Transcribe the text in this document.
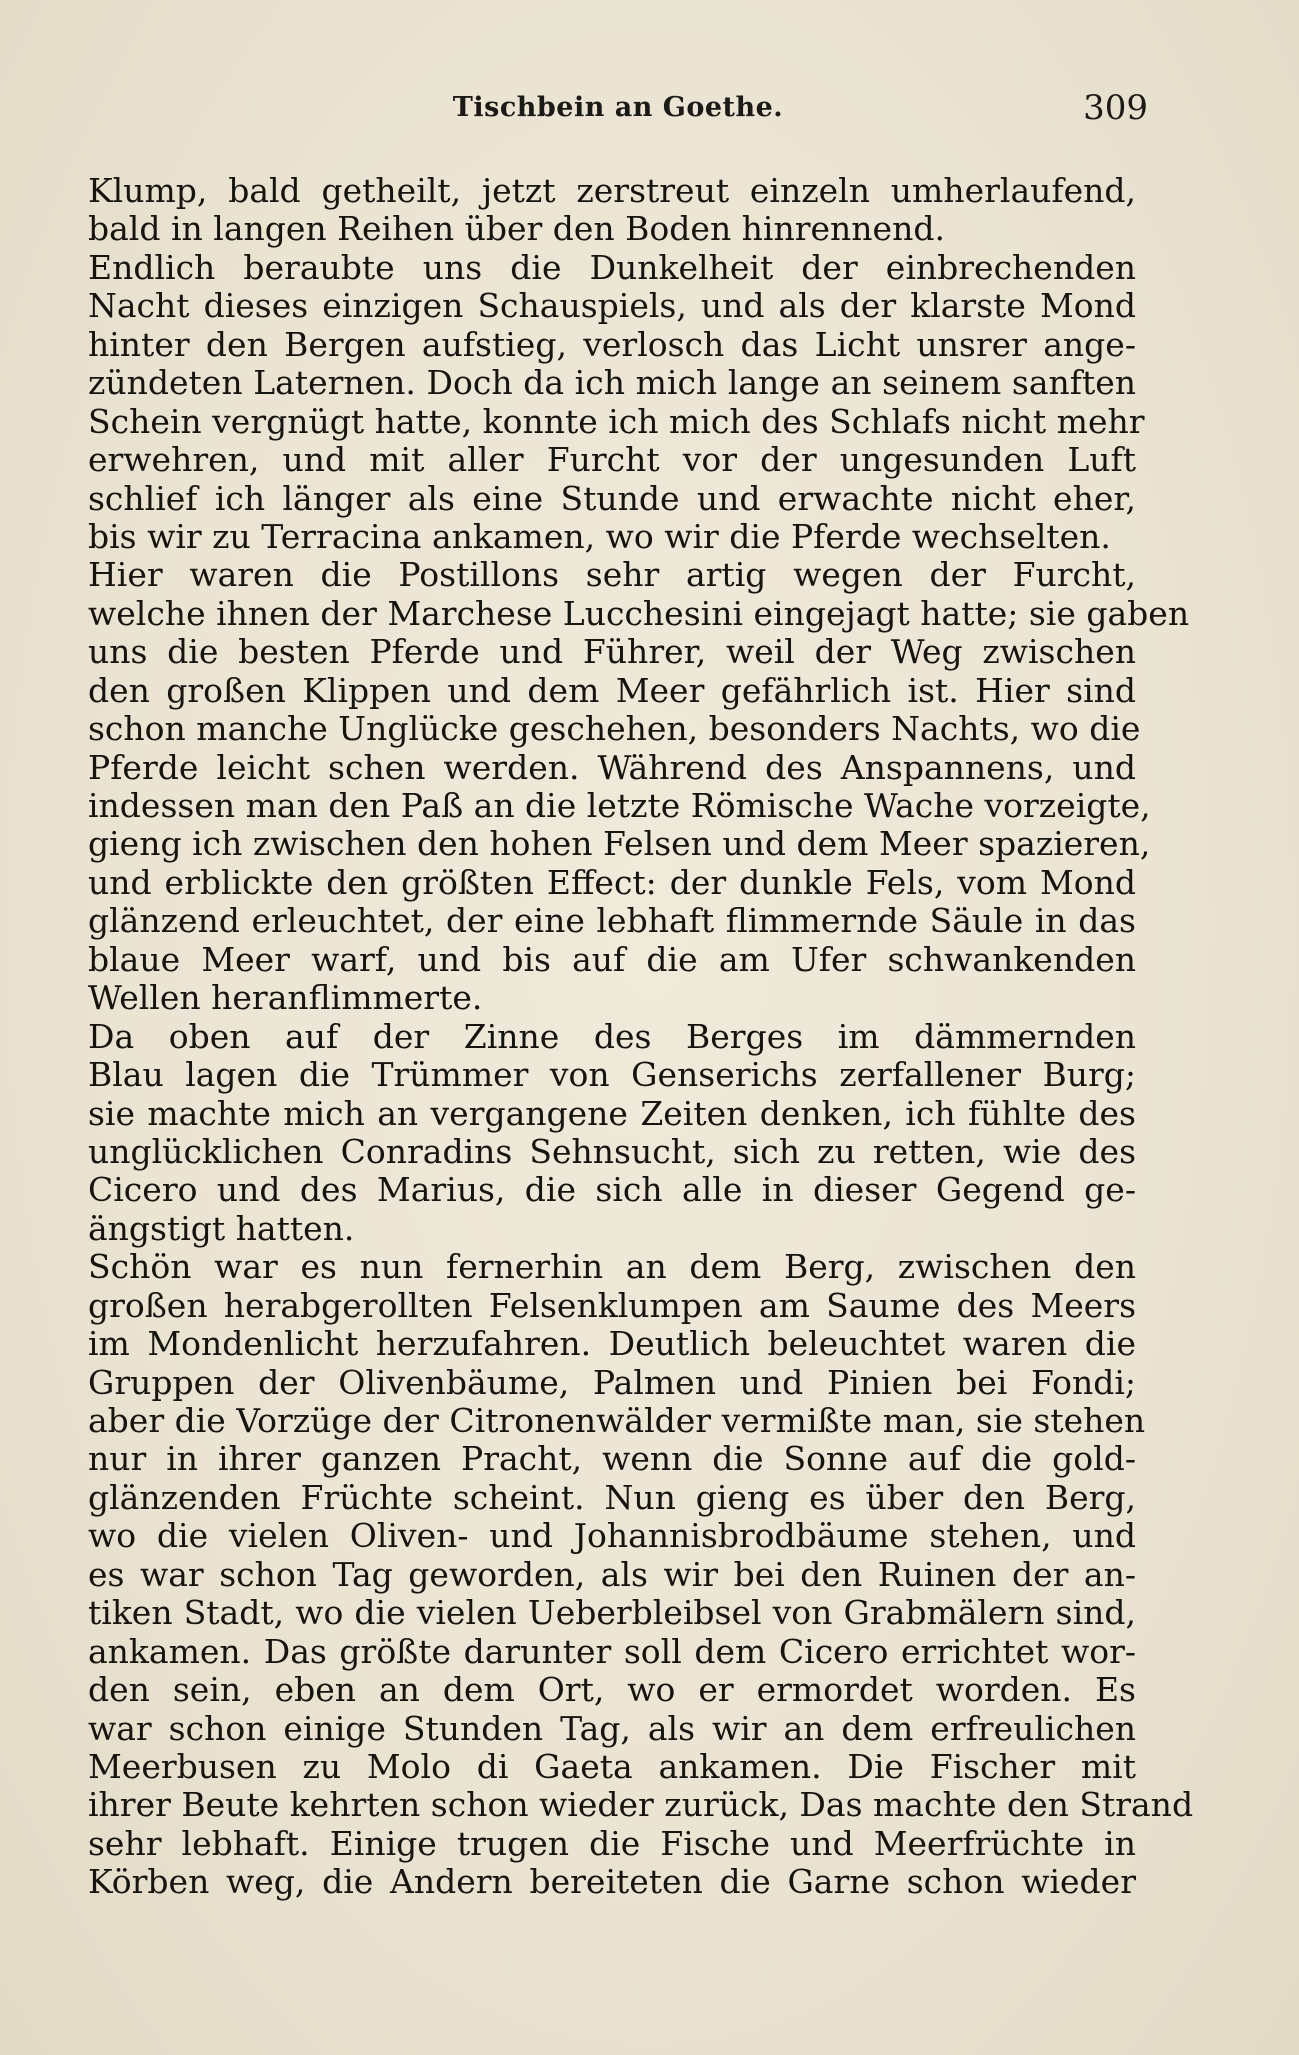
Tischbein an Goethe.	309
Klump, bald getheilt, jetzt zerstreut einzeln umherlaufend,
bald in langen Reihen über den Boden hinrennend.
Endlich beraubte uns die Dunkelheit der einbrechenden
Nacht dieses einzigen Schauspiels, und als der klarste Mond
hinter den Bergen aufstieg, verlosch das Licht unsrer ange-
zündeten Laternen. Doch da ich mich lange an seinem sanften
Schein vergnügt hatte, konnte ich mich des Schlafs nicht mehr
erwehren, und mit aller Furcht vor der ungesunden Luft
schlief ich länger als eine Stunde und erwachte nicht eher,
bis wir zu Terracina ankamen, wo wir die Pferde wechselten.
Hier waren die Postillons sehr artig wegen der Furcht,
welche ihnen der Marchese Lucchesini eingejagt hatte; sie gaben
uns die besten Pferde und Führer, weil der Weg zwischen
den großen Klippen und dem Meer gefährlich ist. Hier sind
schon manche Unglücke geschehen, besonders Nachts, wo die
Pferde leicht schen werden. Während des Anspannens, und
indessen man den Paß an die letzte Römische Wache vorzeigte,
gieng ich zwischen den hohen Felsen und dem Meer spazieren,
und erblickte den größten Effect: der dunkle Fels, vom Mond
glänzend erleuchtet, der eine lebhaft flimmernde Säule in das
blaue Meer warf, und bis auf die am Ufer schwankenden
Wellen heranflimmerte.
Da oben auf der Zinne des Berges im dämmernden
Blau lagen die Trümmer von Genserichs zerfallener Burg;
sie machte mich an vergangene Zeiten denken, ich fühlte des
unglücklichen Conradins Sehnsucht, sich zu retten, wie des
Cicero und des Marius, die sich alle in dieser Gegend ge-
ängstigt hatten.
Schön war es nun fernerhin an dem Berg, zwischen den
großen herabgerollten Felsenklumpen am Saume des Meers
im Mondenlicht herzufahren. Deutlich beleuchtet waren die
Gruppen der Olivenbäume, Palmen und Pinien bei Fondi;
aber die Vorzüge der Citronenwälder vermißte man, sie stehen
nur in ihrer ganzen Pracht, wenn die Sonne auf die gold-
glänzenden Früchte scheint. Nun gieng es über den Berg,
wo die vielen Oliven- und Johannisbrodbäume stehen, und
es war schon Tag geworden, als wir bei den Ruinen der an-
tiken Stadt, wo die vielen Ueberbleibsel von Grabmälern sind,
ankamen. Das größte darunter soll dem Cicero errichtet wor-
den sein, eben an dem Ort, wo er ermordet worden. Es
war schon einige Stunden Tag, als wir an dem erfreulichen
Meerbusen zu Molo di Gaeta ankamen. Die Fischer mit
ihrer Beute kehrten schon wieder zurück, Das machte den Strand
sehr lebhaft. Einige trugen die Fische und Meerfrüchte in
Körben weg, die Andern bereiteten die Garne schon wieder
